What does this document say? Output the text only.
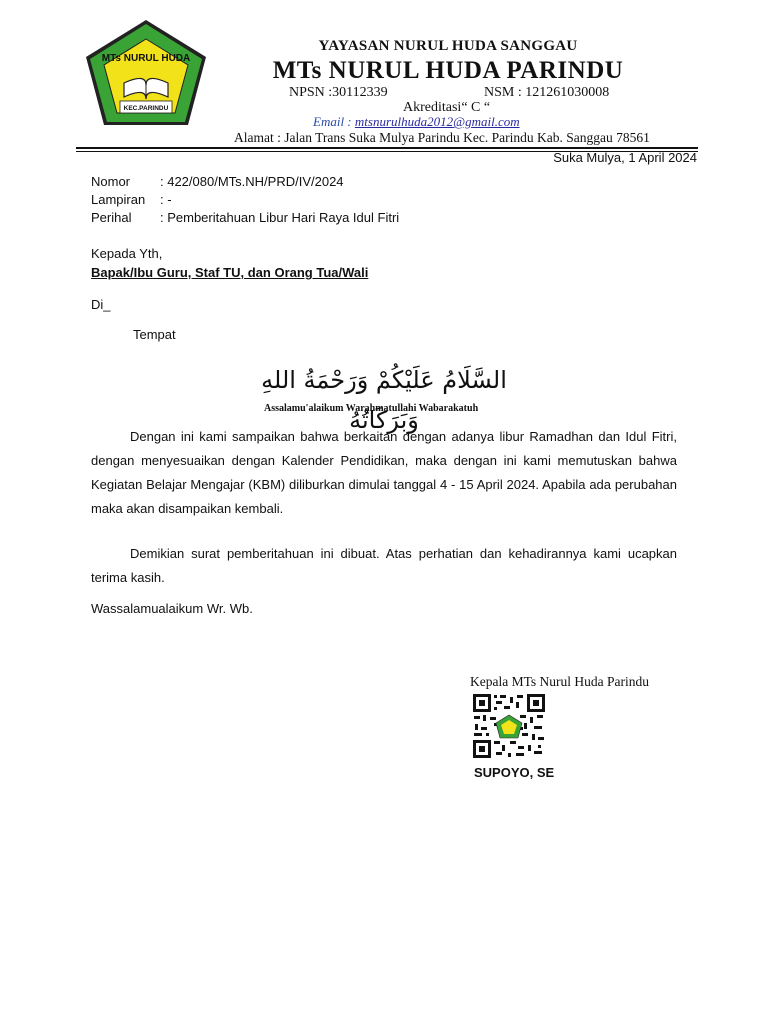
MTs NURUL HUDA
KEC.PARINDU
YAYASAN NURUL HUDA SANGGAU
MTs NURUL HUDA PARINDU
NPSN :30112339	NSM : 121261030008
Akreditasi“ C “
Email : mtsnurulhuda2012@gmail.com
Alamat : Jalan Trans Suka Mulya Parindu Kec. Parindu Kab. Sanggau 78561
Suka Mulya, 1 April 2024
Nomor : 422/080/MTs.NH/PRD/IV/2024
Lampiran : -
Perihal : Pemberitahuan Libur Hari Raya Idul Fitri
Kepada Yth,
Bapak/Ibu Guru, Staf TU, dan Orang Tua/Wali
Di_
Tempat
السَّلَامُ عَلَيْكُمْ وَرَحْمَةُ اللهِ وَبَرَكَاتُهُ
Assalamu'alaikum Warahmatullahi Wabarakatuh
Dengan ini kami sampaikan bahwa berkaitan dengan adanya libur Ramadhan dan Idul Fitri, dengan menyesuaikan dengan Kalender Pendidikan, maka dengan ini kami memutuskan bahwa Kegiatan Belajar Mengajar (KBM) diliburkan dimulai tanggal 4 - 15 April 2024. Apabila ada perubahan maka akan disampaikan kembali.
Demikian surat pemberitahuan ini dibuat. Atas perhatian dan kehadirannya kami ucapkan terima kasih.
Wassalamualaikum Wr. Wb.
Kepala MTs Nurul Huda Parindu
SUPOYO, SE
